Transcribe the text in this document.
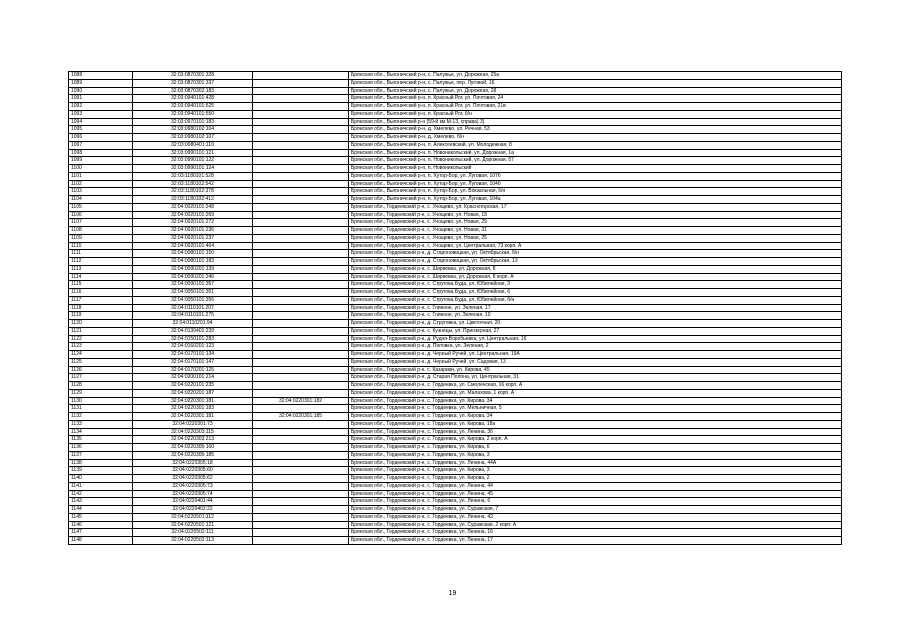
1088	32:03:0870301:328		Брянская обл., Выгоничский р-н, с. Палужье, ул. Дорожная, 25а
1089	32:03:0870301:337		Брянская обл., Выгоничский р-н, с. Палужье, пер. Луговой, 16
1090	32:03:0870302:183		Брянская обл., Выгоничский р-н, с. Палужье, ул. Дорожная, 28
1091	32:03:0940101:428		Брянская обл., Выгоничский р-н, п. Красный Рог, ул. Почтовая, 24
1092	32:03:0940101:525		Брянская обл., Выгоничский р-н, п. Красный Рог, ул. Почтовая, 21в
1093	32:03:0940101:550		Брянская обл., Выгоничский р-н, п. Красный Рог, б/н
1094	32:03:0970101:183		Брянская обл., Выгоничский р-н (59-й км М-13, справа) 3)
1095	32:03:0980102:104		Брянская обл., Выгоничский р-н, д. Хмелево, ул. Речная, 53
1096	32:03:0980102:107		Брянская обл., Выгоничский р-н, д. Хмелево, б/н
1097	32:03:0980401:110		Брянская обл., Выгоничский р-н, п. Алексеевский, ул. Молодежная, 8
1098	32:03:0990101:121		Брянская обл., Выгоничский р-н, п. Новоникольский, ул. Дорожная, 1а
1099	32:03:0990101:122		Брянская обл., Выгоничский р-н, п. Новоникольский, ул. Дорожная, 57
1100	32:03:0990101:124		Брянская обл., Выгоничский р-н, п. Новоникольский
1101	32:03:1180101:528		Брянская обл., Выгоничский р-н, п. Хутор-Бор, ул. Луговая, 107б
1102	32:03:1180102:542		Брянская обл., Выгоничский р-н, п. Хутор-Бор, ул. Луговая, 104б
1103	32:03:1180102:378		Брянская обл., Выгоничский р-н, п. Хутор-Бор, ул. Вокзальная, б/н
1104	32:03:1180102:412		Брянская обл., Выгоничский р-н, п. Хутор-Бор, ул. Луговая, 104а
1105	32:04:0020101:248		Брянская обл., Гордеевский р-н, с. Унощево, ул. Красногорская, 17
1106	32:04:0020101:269		Брянская обл., Гордеевский р-н, с. Унощево, ул. Новая, 18
1107	32:04:0020101:272		Брянская обл., Гордеевский р-н, с. Унощево, ул. Новая, 29
1108	32:04:0020101:236		Брянская обл., Гордеевский р-н, с. Унощево, ул. Новая, 31
1109	32:04:0020101:237		Брянская обл., Гордеевский р-н, с. Унощево, ул. Новая, 25
1110	32:04:0020101:464		Брянская обл., Гордеевский р-н, с. Унощево, ул. Центральная, 73 корп. А
1111	32:04:0080101:150		Брянская обл., Гордеевский р-н, д. Староновицкая, ул. Октябрьская, б/н
1112	32:04:0080101:183		Брянская обл., Гордеевский р-н, д. Староновицкая, ул. Октябрьская, 13
1113	32:04:0090201:139		Брянская обл., Гордеевский р-н, с. Ширяевка, ул. Дорожная, 8
1114	32:04:0090201:246		Брянская обл., Гордеевский р-н, с. Ширяевка, ул. Дорожная, 8 корп. А
1115	32:04:0090101:357		Брянская обл., Гордеевский р-н, с. Струговa Буда, ул. Юбилейная, 3
1116	32:04:0050101:351		Брянская обл., Гордеевский р-н, с. Струговa Буда, ул. Юбилейная, 6
1117	32:04:0050101:356		Брянская обл., Гордеевский р-н, с. Струговa Буда, ул. Юбилейная, б/н
1118	32:04:0110101:207		Брянская обл., Гордеевский р-н, с. Глинное, ул. Зеленая, 17
1119	32:04:0110101:275		Брянская обл., Гордеевский р-н, с. Глинное, ул. Зеленая, 10
1120	32:04:0110201:94		Брянская обл., Гордеевский р-н, д. Струговка, ул. Цветочная, 20
1121	32:04:0130401:239		Брянская обл., Гордеевский р-н, с. Кузнецы, ул. Приозерная, 27
1122	32:04:0150101:283		Брянская обл., Гордеевский р-н, д. Рудня-Воробьевка, ул. Центральная, 16
1123	32:04:0160201:123		Брянская обл., Гордеевский р-н, д. Поповка, ул. Зеленая, 2
1124	32:04:0170101:134		Брянская обл., Гордеевский р-н, д. Черный Ручей, ул. Центральная, 19А
1125	32:04:0170101:147		Брянская обл., Гордеевский р-н, д. Черный Ручей, ул. Садовая, 13
1126	32:04:0170201:125		Брянская обл., Гордеевский р-н, с. Казарики, ул. Кирова, 45
1127	32:04:0200101:214		Брянская обл., Гордеевский р-н, д. Старая Полона, ул. Центральная, 31
1128	32:04:0220101:235		Брянская обл., Гордеевский р-н, с. Гордеевка, ул. Смоленская, 16 корп. А
1129	32:04:0220201:187		Брянская обл., Гордеевский р-н, с. Гордеевка, ул. Малахова, 1 корп. А
1130	32:04:0220301:181	32:04:0220301:182	Брянская обл., Гордеевский р-н, с. Гордеевка, ул. Кирова, 34
1131	32:04:0220301:183		Брянская обл., Гордеевский р-н, с. Гордеевка, ул. Мельничная, 5
1132	32:04:0220301:181	32:04:0220301:185	Брянская обл., Гордеевский р-н, с. Гордеевка, ул. Кирова, 34
1133	32:04:0220301:73		Брянская обл., Гордеевский р-н, с. Гордеевка, ул. Кирова, 18а
1134	32:04:0220303:115		Брянская обл., Гордеевский р-н, с. Гордеевка, ул. Ленина, 36
1135	32:04:0220303:213		Брянская обл., Гордеевский р-н, с. Гордеевка, ул. Кирова, 2 корп. А
1136	32:04:0220305:160		Брянская обл., Гордеевский р-н, с. Гордеевка, ул. Кирова, 6
1137	32:04:0220305:185		Брянская обл., Гордеевский р-н, с. Гордеевка, ул. Кирова, 3
1138	32:04:0220305:18		Брянская обл., Гордеевский р-н, с. Гордеевка, ул. Ленина, 44А
1139	32:04:0220305:60		Брянская обл., Гордеевский р-н, с. Гордеевка, ул. Кирова, 3
1140	32:04:0220305:62		Брянская обл., Гордеевский р-н, с. Гордеевка, ул. Кирова, 2
1141	32:04:0220305:73		Брянская обл., Гордеевский р-н, с. Гордеевка, ул. Ленина, 44
1142	32:04:0220305:74		Брянская обл., Гордеевский р-н, с. Гордеевка, ул. Ленина, 45
1143	32:04:0220401:44		Брянская обл., Гордеевский р-н, с. Гордеевка, ул. Ленина, 6
1144	32:04:0220402:22		Брянская обл., Гордеевский р-н, с. Гордеевка, ул. Суражская, 7
1145	32:04:0220501:112		Брянская обл., Гордеевский р-н, с. Гордеевка, ул. Ленина, 42
1146	32:04:0220501:121		Брянская обл., Гордеевский р-н, с. Гордеевка, ул. Суражская, 2 корп. А
1147	32:04:0220502:111		Брянская обл., Гордеевский р-н, с. Гордеевка, ул. Ленина, 16
1148	32:04:0220502:113		Брянская обл., Гордеевский р-н, с. Гордеевка, ул. Ленина, 17
19
